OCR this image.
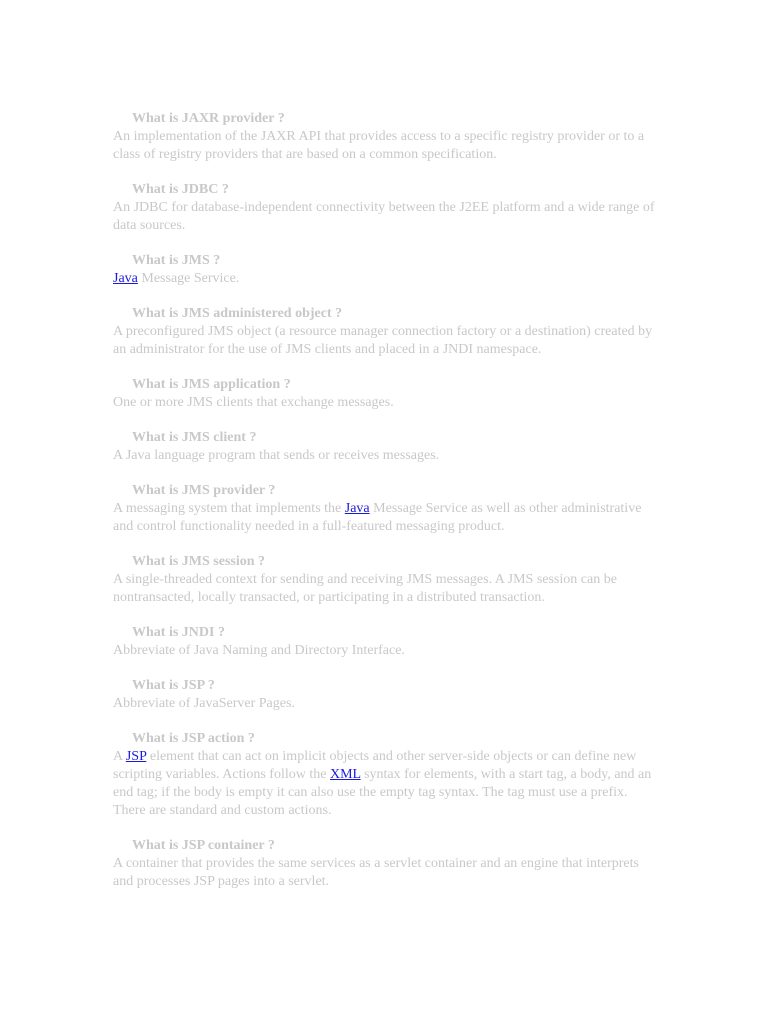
What is JAXR provider ?
An implementation of the JAXR API that provides access to a specific registry provider or to a class of registry providers that are based on a common specification.
What is JDBC ?
An JDBC for database-independent connectivity between the J2EE platform and a wide range of data sources.
What is JMS ?
Java Message Service.
What is JMS administered object ?
A preconfigured JMS object (a resource manager connection factory or a destination) created by an administrator for the use of JMS clients and placed in a JNDI namespace.
What is JMS application ?
One or more JMS clients that exchange messages.
What is JMS client ?
A Java language program that sends or receives messages.
What is JMS provider ?
A messaging system that implements the Java Message Service as well as other administrative and control functionality needed in a full-featured messaging product.
What is JMS session ?
A single-threaded context for sending and receiving JMS messages. A JMS session can be nontransacted, locally transacted, or participating in a distributed transaction.
What is JNDI ?
Abbreviate of Java Naming and Directory Interface.
What is JSP ?
Abbreviate of JavaServer Pages.
What is JSP action ?
A JSP element that can act on implicit objects and other server-side objects or can define new scripting variables. Actions follow the XML syntax for elements, with a start tag, a body, and an end tag; if the body is empty it can also use the empty tag syntax. The tag must use a prefix. There are standard and custom actions.
What is JSP container ?
A container that provides the same services as a servlet container and an engine that interprets and processes JSP pages into a servlet.
